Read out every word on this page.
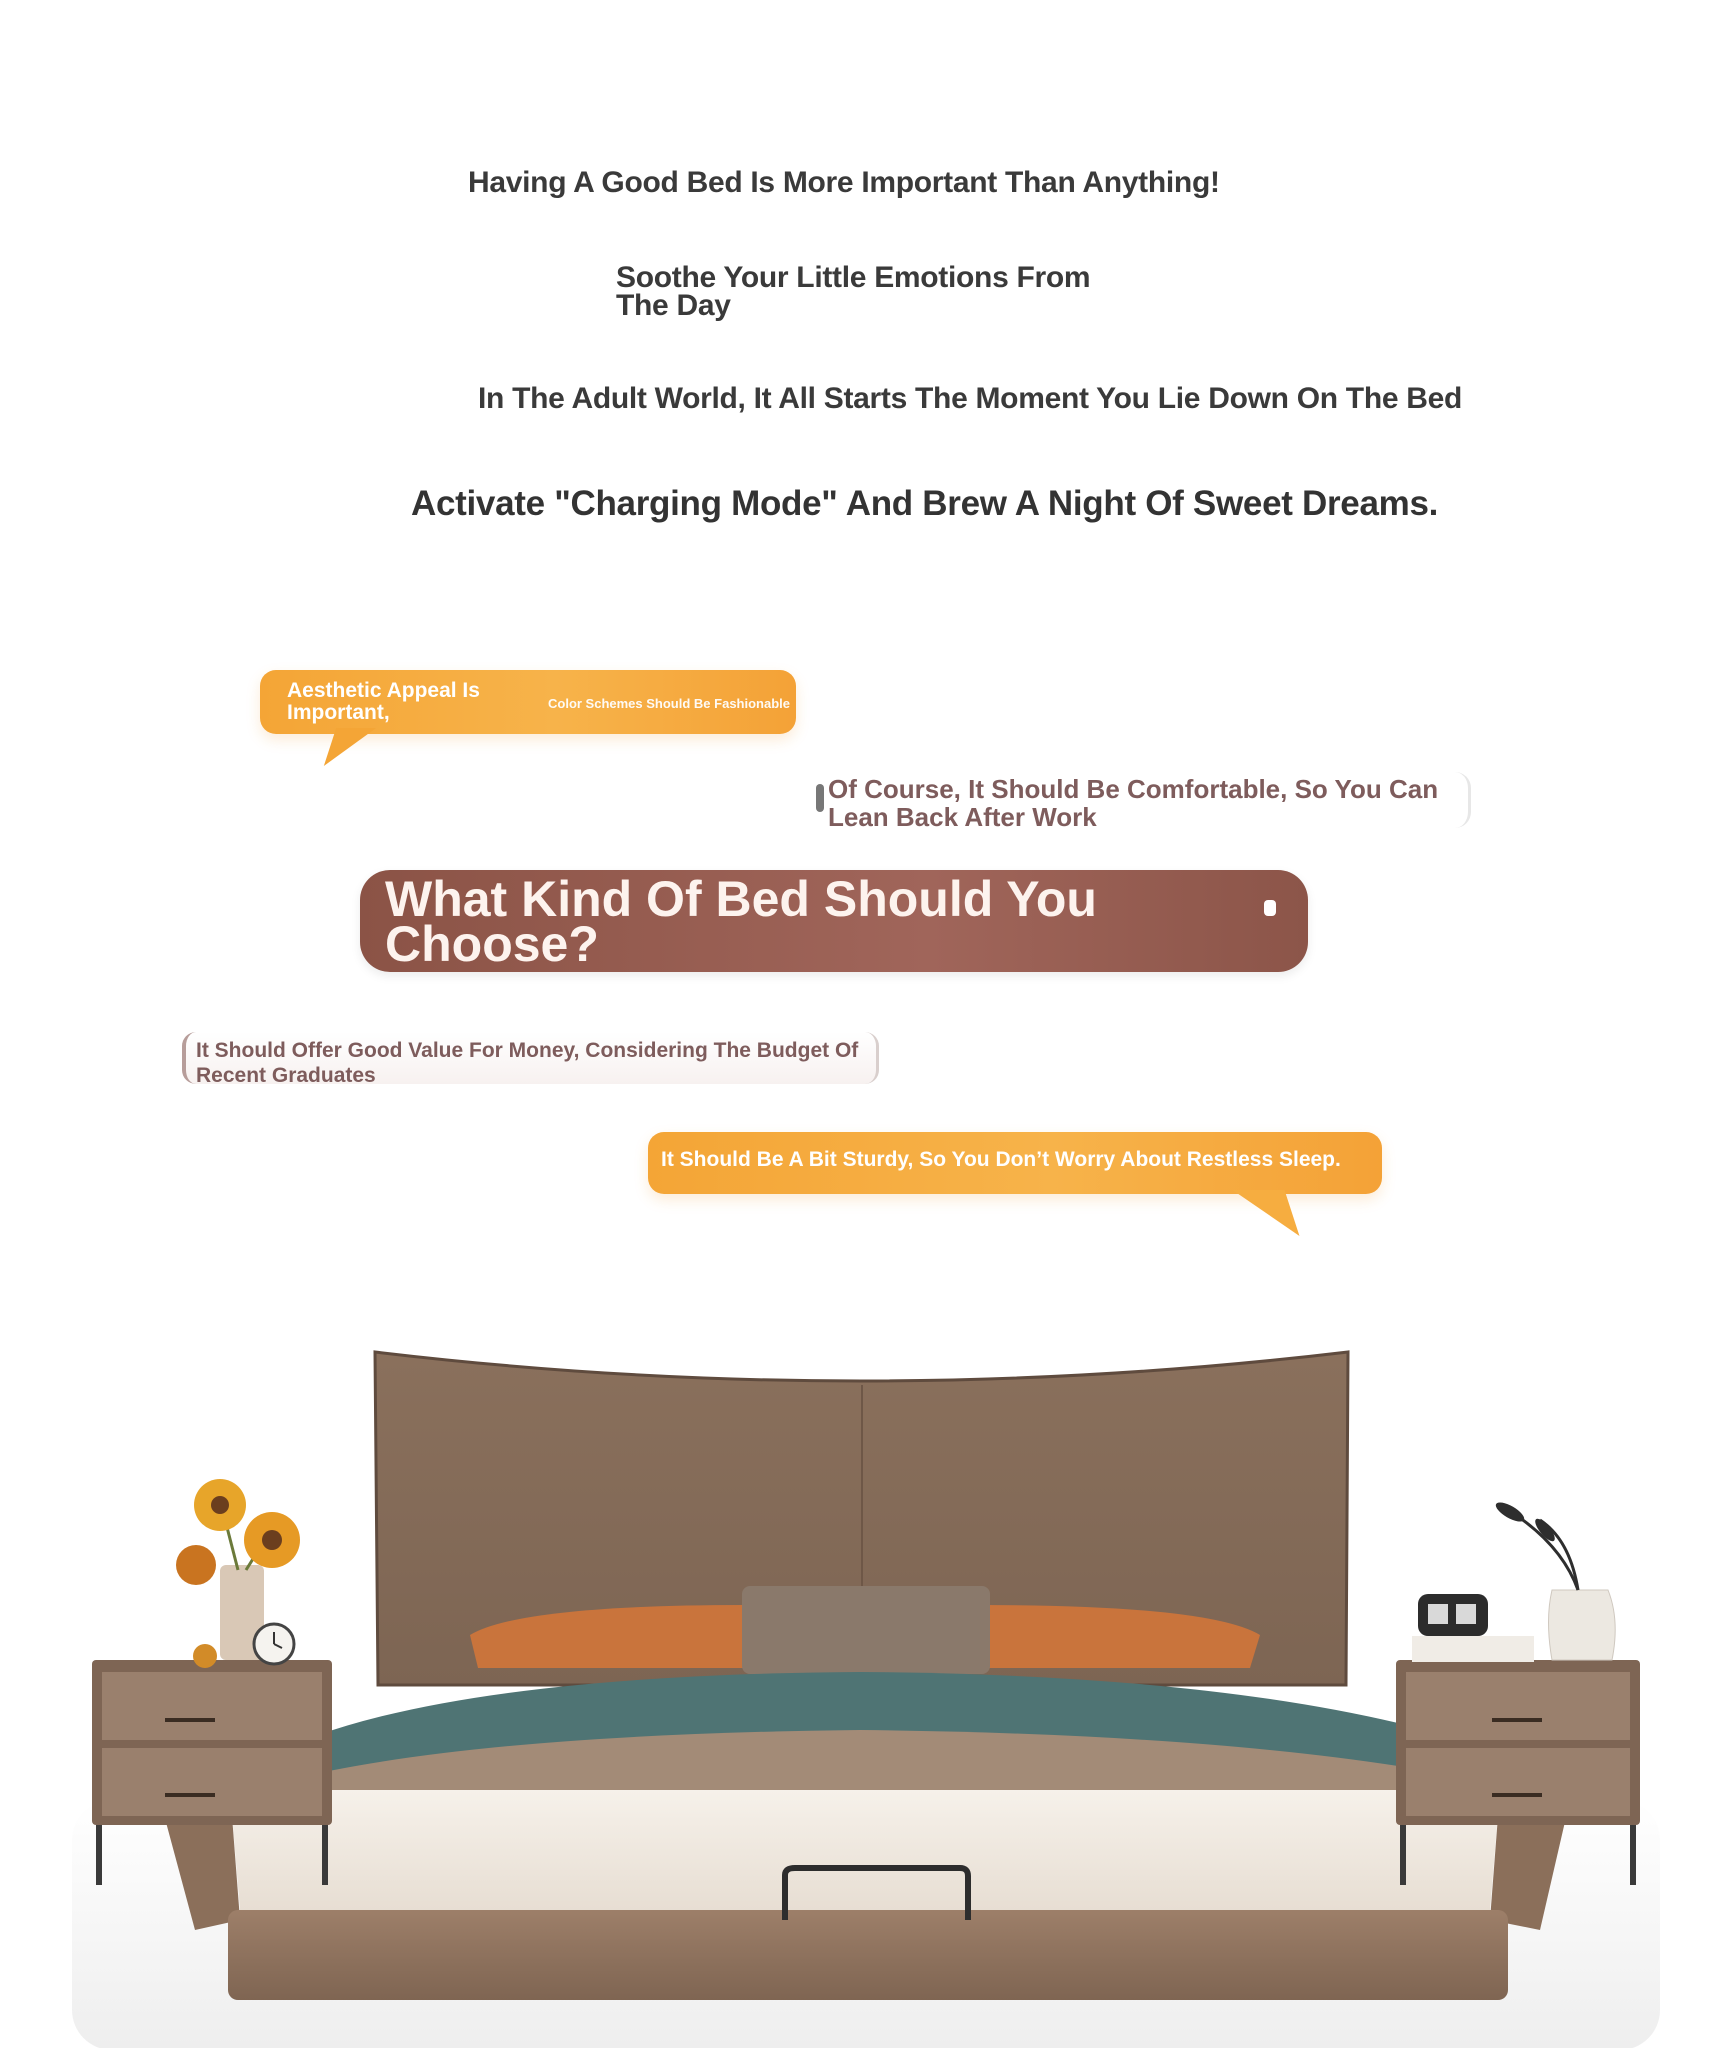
Having A Good Bed Is More Important Than Anything!
Soothe Your Little Emotions From The Day
In The Adult World, It All Starts The Moment You Lie Down On The Bed
Activate "Charging Mode" And Brew A Night Of Sweet Dreams.
Aesthetic Appeal Is Important,	Color Schemes Should Be Fashionable
Of Course, It Should Be Comfortable, So You Can Lean Back After Work
What Kind Of Bed Should You Choose?
It Should Offer Good Value For Money, Considering The Budget Of Recent Graduates
It Should Be A Bit Sturdy, So You Don’t Worry About Restless Sleep.
